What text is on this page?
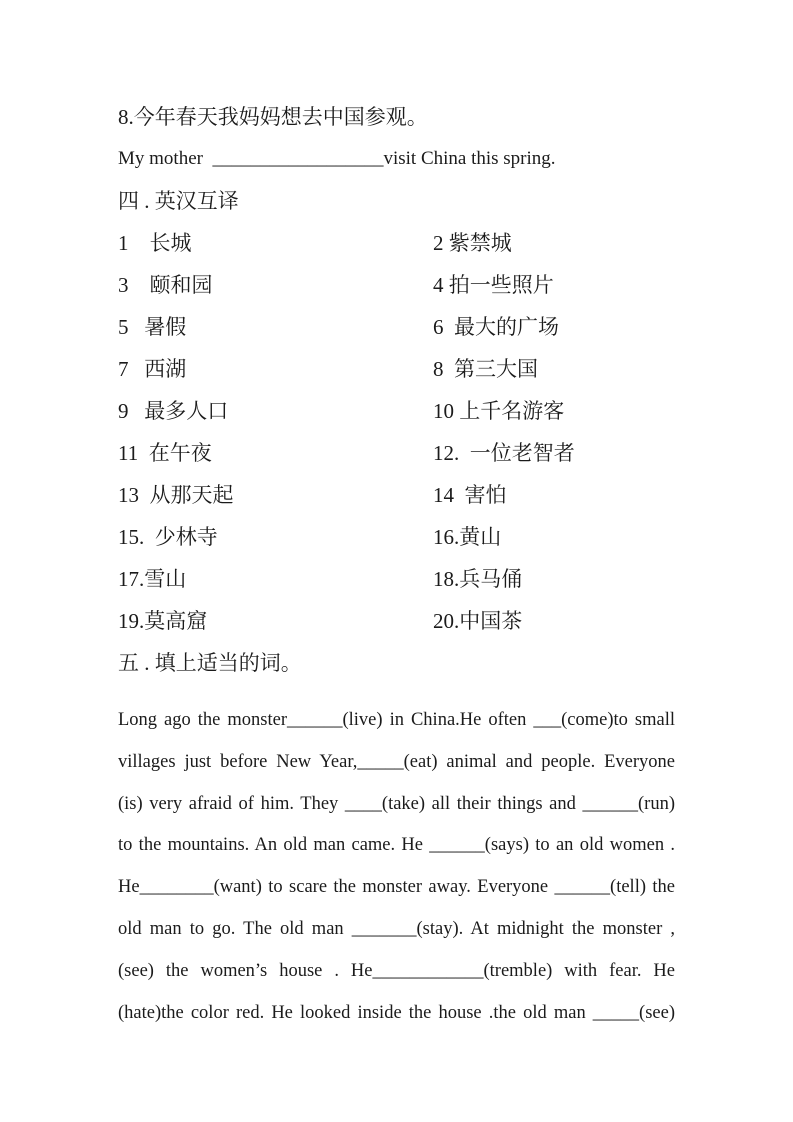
8.今年春天我妈妈想去中国参观。
My mother  __________________visit China this spring.
四 . 英汉互译
1    长城	2 紫禁城
3    颐和园	4 拍一些照片
5   暑假	6  最大的广场
7   西湖	8  第三大国
9   最多人口	10 上千名游客
11  在午夜	12.  一位老智者
13  从那天起	14  害怕
15.  少林寺	16.黄山
17.雪山	18.兵马俑
19.莫高窟	20.中国茶
五 . 填上适当的词。
Long ago the monster______(live) in China.He often ___(come)to small
villages just before New Year,_____(eat) animal and people. Everyone
(is) very afraid of him. They ____(take) all their things and ______(run)
to the mountains. An old man came. He ______(says) to an old women .
He________(want) to scare the monster away. Everyone ______(tell) the
old man to go. The old man _______(stay). At midnight the monster ,
(see) the women’s house . He____________(tremble) with fear. He
(hate)the color red. He looked inside the house .the old man _____(see)
